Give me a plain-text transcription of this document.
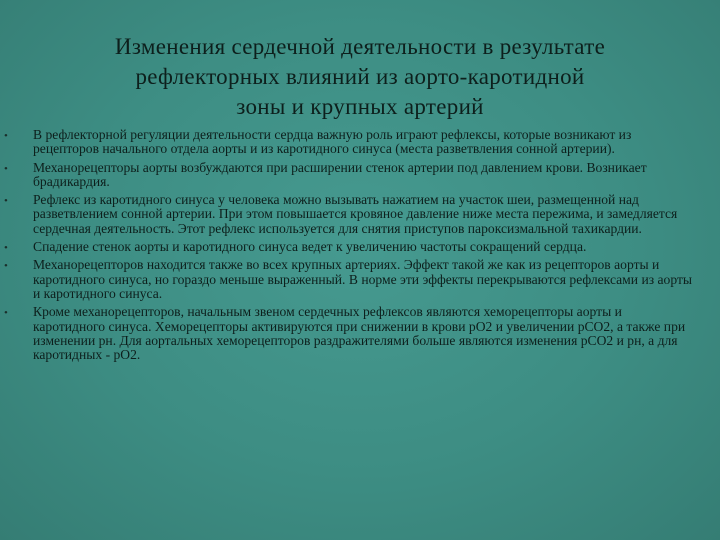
Изменения сердечной деятельности в результате
рефлекторных влияний из аорто-каротидной
зоны и крупных артерий
• В рефлекторной регуляции деятельности сердца важную роль играют рефлексы, которые возникают из рецепторов начального отдела аорты и из каротидного синуса (места разветвления сонной артерии).
• Механорецепторы аорты возбуждаются при расширении стенок артерии под давлением крови. Возникает брадикардия.
• Рефлекс из каротидного синуса у человека можно вызывать нажатием на участок шеи, размещенной над разветвлением сонной артерии. При этом повышается кровяное давление ниже места пережима, и замедляется сердечная деятельность. Этот рефлекс используется для снятия приступов пароксизмальной тахикардии.
• Спадение стенок аорты и каротидного синуса ведет к увеличению частоты сокращений сердца.
• Механорецепторов находится также во всех крупных артериях. Эффект такой же как из рецепторов аорты и каротидного синуса, но гораздо меньше выраженный. В норме эти эффекты перекрываются рефлексами из аорты и каротидного синуса.
• Кроме механорецепторов, начальным звеном сердечных рефлексов являются хеморецепторы аорты и каротидного синуса. Хеморецепторы активируются при снижении в крови рО2 и увеличении рСО2, а также при изменении рн. Для аортальных хеморецепторов раздражителями больше являются изменения рСО2 и рн, а для каротидных - рО2.
